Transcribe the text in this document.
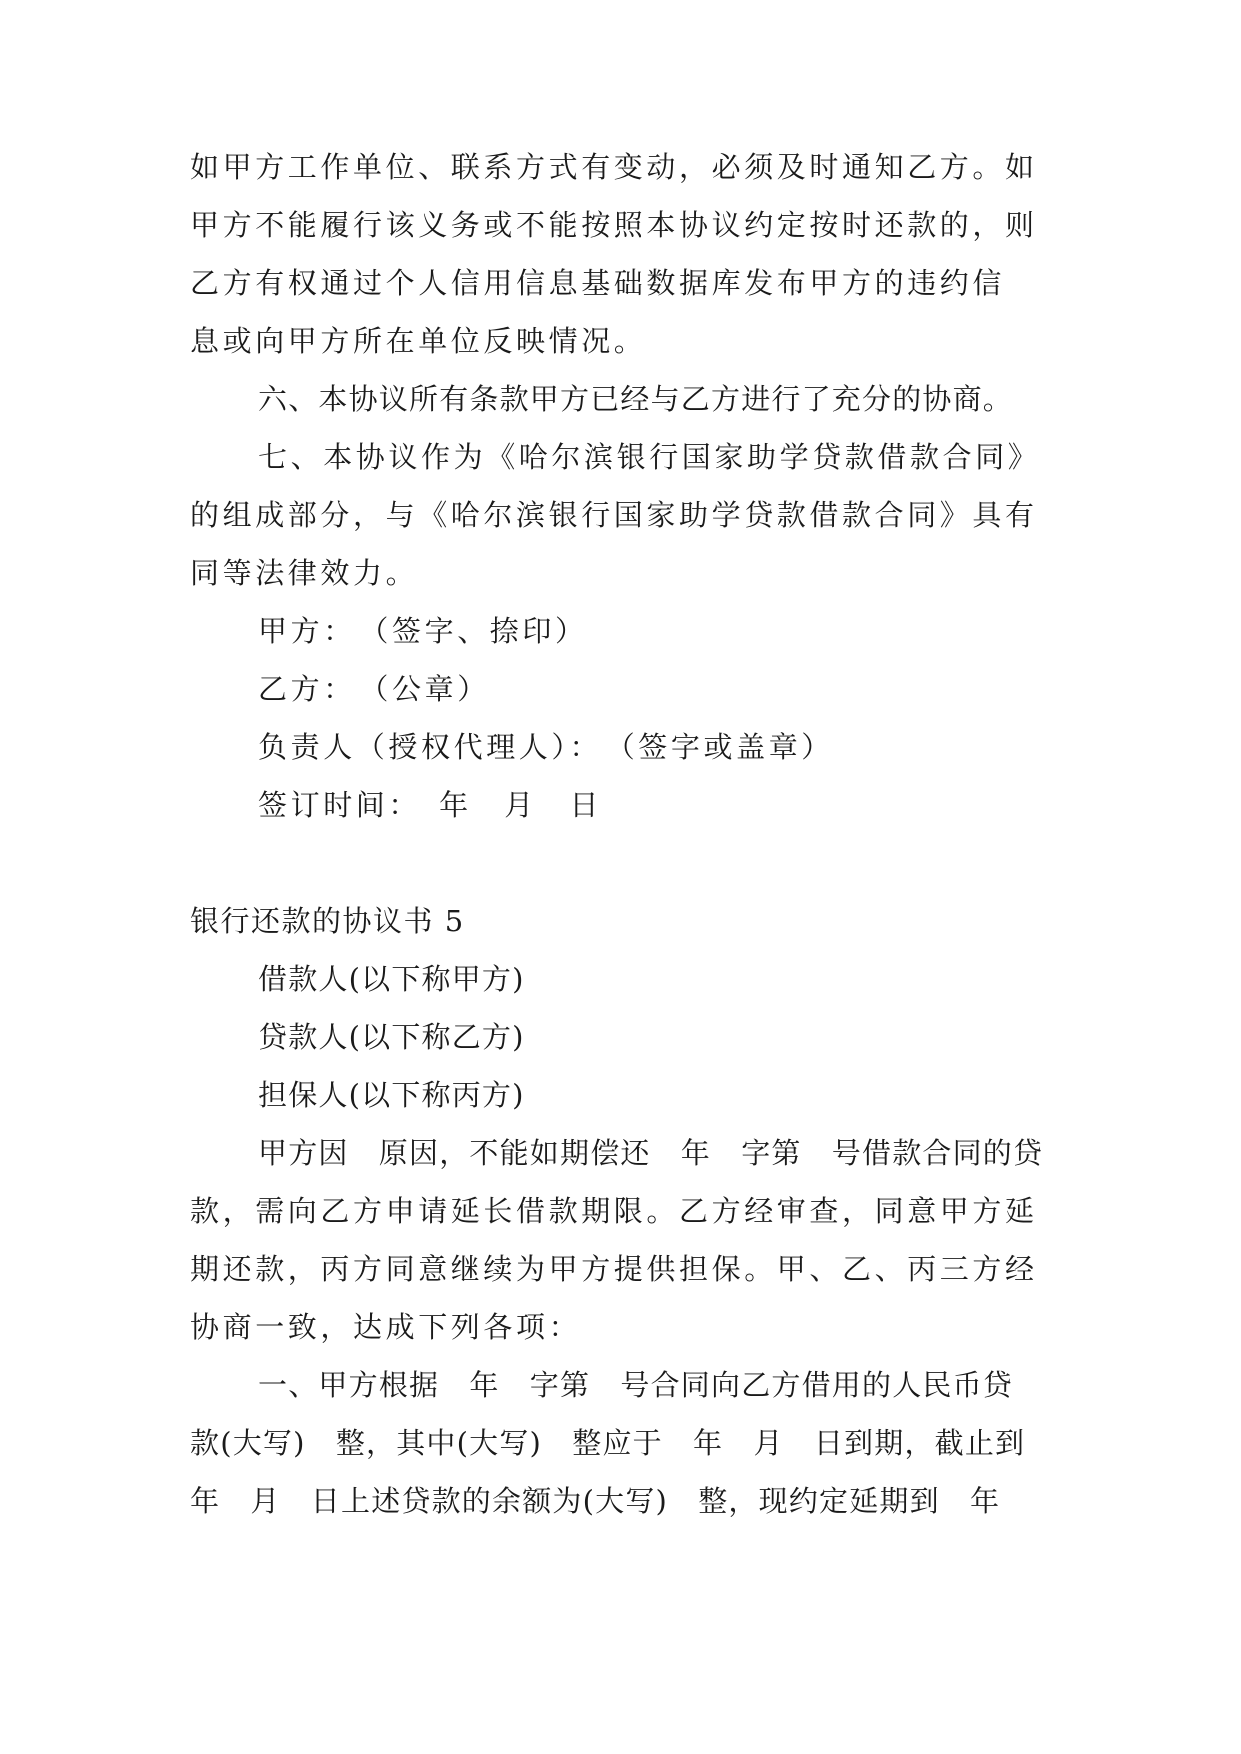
如甲方工作单位、联系方式有变动，必须及时通知乙方。如
甲方不能履行该义务或不能按照本协议约定按时还款的，则
乙方有权通过个人信用信息基础数据库发布甲方的违约信
息或向甲方所在单位反映情况。
六、本协议所有条款甲方已经与乙方进行了充分的协商。
七、本协议作为《哈尔滨银行国家助学贷款借款合同》
的组成部分，与《哈尔滨银行国家助学贷款借款合同》具有
同等法律效力。
甲方：　（签字、捺印）
乙方：　（公章）
负责人（授权代理人）：　（签字或盖章）
签订时间：　年　月　日
银行还款的协议书 5
借款人(以下称甲方)
贷款人(以下称乙方)
担保人(以下称丙方)
甲方因　原因，不能如期偿还　年　字第　号借款合同的贷
款，需向乙方申请延长借款期限。乙方经审查，同意甲方延
期还款，丙方同意继续为甲方提供担保。甲、乙、丙三方经
协商一致，达成下列各项：
一、甲方根据　年　字第　号合同向乙方借用的人民币贷
款(大写)　整，其中(大写)　整应于　年　月　日到期，截止到
年　月　日上述贷款的余额为(大写)　整，现约定延期到　年
